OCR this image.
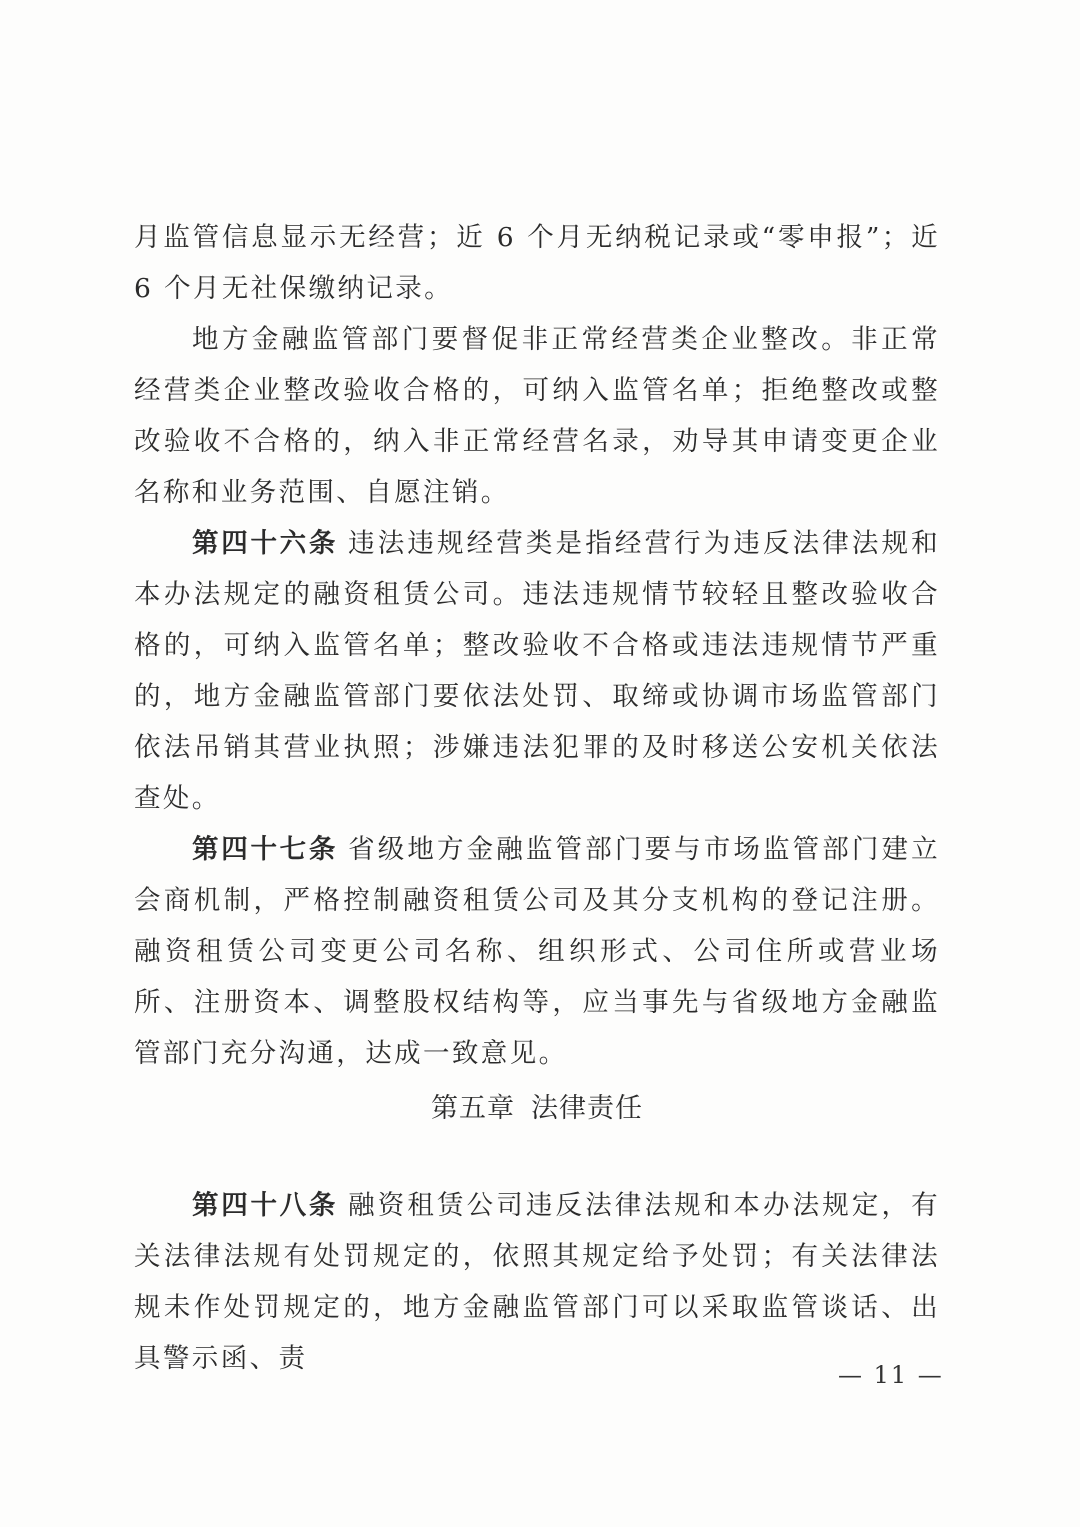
月监管信息显示无经营；近 6 个月无纳税记录或“零申报”；近 6 个月无社保缴纳记录。

地方金融监管部门要督促非正常经营类企业整改。非正常经营类企业整改验收合格的，可纳入监管名单；拒绝整改或整改验收不合格的，纳入非正常经营名录，劝导其申请变更企业名称和业务范围、自愿注销。

第四十六条 违法违规经营类是指经营行为违反法律法规和本办法规定的融资租赁公司。违法违规情节较轻且整改验收合格的，可纳入监管名单；整改验收不合格或违法违规情节严重的，地方金融监管部门要依法处罚、取缔或协调市场监管部门依法吊销其营业执照；涉嫌违法犯罪的及时移送公安机关依法查处。

第四十七条 省级地方金融监管部门要与市场监管部门建立会商机制，严格控制融资租赁公司及其分支机构的登记注册。融资租赁公司变更公司名称、组织形式、公司住所或营业场所、注册资本、调整股权结构等，应当事先与省级地方金融监管部门充分沟通，达成一致意见。

第五章 法律责任

第四十八条 融资租赁公司违反法律法规和本办法规定，有关法律法规有处罚规定的，依照其规定给予处罚；有关法律法规未作处罚规定的，地方金融监管部门可以采取监管谈话、出具警示函、责

— 11 —
